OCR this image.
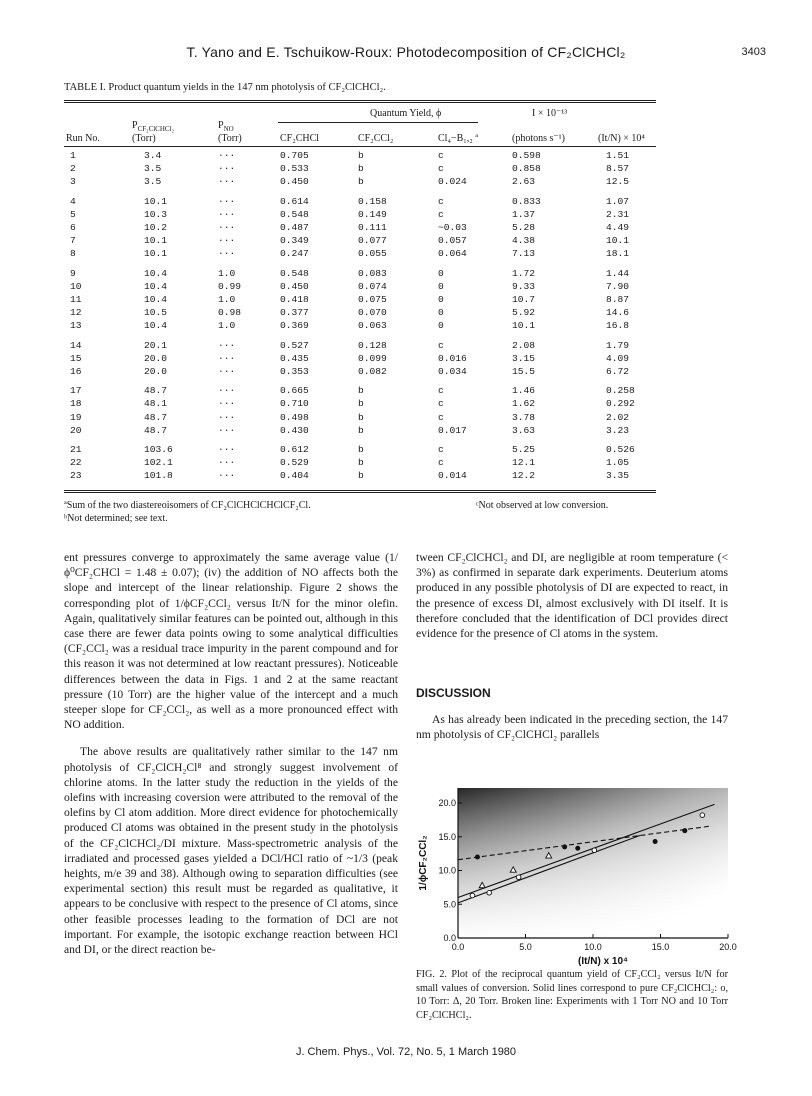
T. Yano and E. Tschuikow-Roux: Photodecomposition of CF₂ClCHCl₂	3403
TABLE I. Product quantum yields in the 147 nm photolysis of CF₂ClCHCl₂.
Quantum Yield, ϕ	I × 10⁻¹³
$P_{CF_2ClCHCl_2}$	$P_{NO}$
Run No.	(Torr)	(Torr)	CF₂CHCl	CF₂CCl₂	Cl₄−B₁,₂ ª	(photons s⁻¹)	(It/N) × 10⁴
1	3.4	···	0.705	b	c	0.598	1.51
2	3.5	···	0.533	b	c	0.858	8.57
3	3.5	···	0.450	b	0.024	2.63	12.5
4	10.1	···	0.614	0.158	c	0.833	1.07
5	10.3	···	0.548	0.149	c	1.37	2.31
6	10.2	···	0.487	0.111	~0.03	5.28	4.49
7	10.1	···	0.349	0.077	0.057	4.38	10.1
8	10.1	···	0.247	0.055	0.064	7.13	18.1
9	10.4	1.0	0.548	0.083	0	1.72	1.44
10	10.4	0.99	0.450	0.074	0	9.33	7.90
11	10.4	1.0	0.418	0.075	0	10.7	8.87
12	10.5	0.98	0.377	0.070	0	5.92	14.6
13	10.4	1.0	0.369	0.063	0	10.1	16.8
14	20.1	···	0.527	0.128	c	2.08	1.79
15	20.0	···	0.435	0.099	0.016	3.15	4.09
16	20.0	···	0.353	0.082	0.034	15.5	6.72
17	48.7	···	0.665	b	c	1.46	0.258
18	48.1	···	0.710	b	c	1.62	0.292
19	48.7	···	0.498	b	c	3.78	2.02
20	48.7	···	0.430	b	0.017	3.63	3.23
21	103.6	···	0.612	b	c	5.25	0.526
22	102.1	···	0.529	b	c	12.1	1.05
23	101.8	···	0.404	b	0.014	12.2	3.35
ªSum of the two diastereoisomers of CF₂ClCHClCHClCF₂Cl.
ᵇNot determined; see text.
ᶜNot observed at low conversion.

ent pressures converge to approximately the same average value (1/ϕ⁰CF₂CHCl = 1.48 ± 0.07); (iv) the addition of NO affects both the slope and intercept of the linear relationship. Figure 2 shows the corresponding plot of 1/ϕCF₂CCl₂ versus It/N for the minor olefin. Again, qualitatively similar features can be pointed out, although in this case there are fewer data points owing to some analytical difficulties (CF₂CCl₂ was a residual trace impurity in the parent compound and for this reason it was not determined at low reactant pressures). Noticeable differences between the data in Figs. 1 and 2 at the same reactant pressure (10 Torr) are the higher value of the intercept and a much steeper slope for CF₂CCl₂, as well as a more pronounced effect with NO addition.

The above results are qualitatively rather similar to the 147 nm photolysis of CF₂ClCH₂Cl⁸ and strongly suggest involvement of chlorine atoms. In the latter study the reduction in the yields of the olefins with increasing coversion were attributed to the removal of the olefins by Cl atom addition. More direct evidence for photochemically produced Cl atoms was obtained in the present study in the photolysis of the CF₂ClCHCl₂/DI mixture. Mass-spectrometric analysis of the irradiated and processed gases yielded a DCl/HCl ratio of ~1/3 (peak heights, m/e 39 and 38). Although owing to separation difficulties (see experimental section) this result must be regarded as qualitative, it appears to be conclusive with respect to the presence of Cl atoms, since other feasible processes leading to the formation of DCl are not important. For example, the isotopic exchange reaction between HCl and DI, or the direct reaction be-

tween CF₂ClCHCl₂ and DI, are negligible at room temperature (< 3%) as confirmed in separate dark experiments. Deuterium atoms produced in any possible photolysis of DI are expected to react, in the presence of excess DI, almost exclusively with DI itself. It is therefore concluded that the identification of DCl provides direct evidence for the presence of Cl atoms in the system.

DISCUSSION

As has already been indicated in the preceding section, the 147 nm photolysis of CF₂ClCHCl₂ parallels

0.0	5.0	10.0	15.0	20.0
0.0
5.0
10.0
15.0
20.0
(It/N) x 10⁴
1/ϕCF₂CCl₂
FIG. 2. Plot of the reciprocal quantum yield of CF₂CCl₂ versus It/N for small values of conversion. Solid lines correspond to pure CF₂ClCHCl₂: o, 10 Torr: Δ, 20 Torr. Broken line: Experiments with 1 Torr NO and 10 Torr CF₂ClCHCl₂.
J. Chem. Phys., Vol. 72, No. 5, 1 March 1980
